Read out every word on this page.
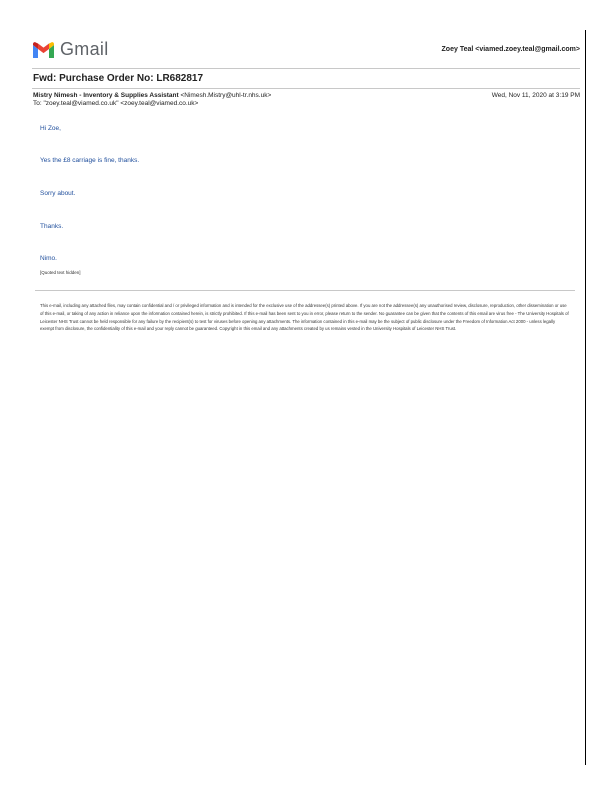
Gmail	Zoey Teal <viamed.zoey.teal@gmail.com>
Fwd: Purchase Order No: LR682817
Mistry Nimesh - Inventory & Supplies Assistant <Nimesh.Mistry@uhl-tr.nhs.uk>	Wed, Nov 11, 2020 at 3:19 PM
To: "zoey.teal@viamed.co.uk" <zoey.teal@viamed.co.uk>
Hi Zoe,
Yes the £8 carriage is fine, thanks.
Sorry about.
Thanks.
Nimo.
[Quoted text hidden]
This e-mail, including any attached files, may contain confidential and / or privileged information and is intended for the exclusive use of the addressee(s) printed above. If you are not the addressee(s) any unauthorised review, disclosure, reproduction, other dissemination or use of this e-mail, or taking of any action in reliance upon the information contained herein, is strictly prohibited. If this e-mail has been sent to you in error, please return to the sender. No guarantee can be given that the contents of this email are virus free - The University Hospitals of Leicester NHS Trust cannot be held responsible for any failure by the recipient(s) to test for viruses before opening any attachments. The information contained in this e-mail may be the subject of public disclosure under the Freedom of Information Act 2000 - unless legally exempt from disclosure, the confidentiality of this e-mail and your reply cannot be guaranteed. Copyright in this email and any attachments created by us remains vested in the University Hospitals of Leicester NHS Trust.
